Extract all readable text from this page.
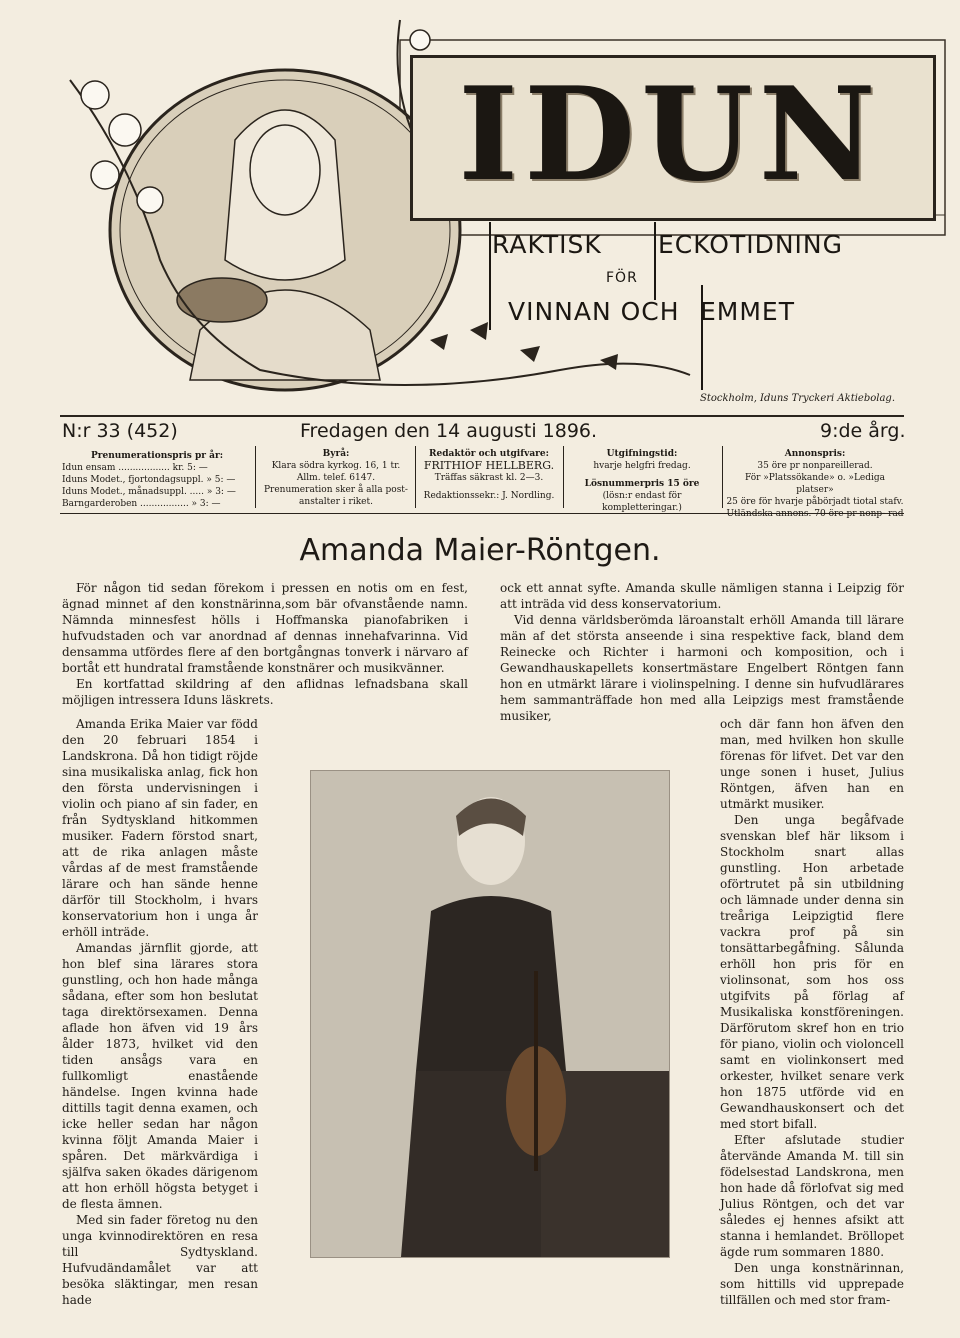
IDUN
RAKTISK ECKOTIDNING
FÖR
VINNAN OCH EMMET
Stockholm, Iduns Tryckeri Aktiebolag.
N:r 33 (452)	Fredagen den 14 augusti 1896.	9:de årg.
Prenumerationspris pr år:
Idun ensam .................. kr. 5: —
Iduns Modet., fjortondagsuppl. » 5: —
Iduns Modet., månadsuppl. ..... » 3: —
Barngarderoben ................. » 3: —
Byrå:
Klara södra kyrkog. 16, 1 tr.
Allm. telef. 6147.
Prenumeration sker å alla post-
anstalter i riket.
Redaktör och utgifvare:
FRITHIOF HELLBERG.
Träffas säkrast kl. 2—3.
Redaktionssekr.: J. Nordling.
Utgifningstid:
hvarje helgfri fredag.
Lösnummerpris 15 öre
(lösn:r endast för kompletteringar.)
Annonspris:
35 öre pr nonpareillerad.
För »Platssökande» o. »Lediga platser»
25 öre för hvarje påbörjadt tiotal stafv.
Utländska annons. 70 öre pr nonp- rad
Amanda Maier-Röntgen.

För någon tid sedan förekom i pressen en notis om en fest, ägnad minnet af den konstnärinna,som bär ofvanstående namn. Nämnda minnesfest hölls i Hoffmanska pianofabriken i hufvudstaden och var anordnad af dennas innehafvarinna. Vid densamma utfördes flere af den bortgångnas tonverk i närvaro af bortåt ett hundratal framstående konstnärer och musikvänner.

En kortfattad skildring af den aflidnas lefnadsbana skall möjligen intressera Iduns läskrets.

ock ett annat syfte. Amanda skulle nämligen stanna i Leipzig för att inträda vid dess konservatorium.

Vid denna världsberömda läroanstalt erhöll Amanda till lärare män af det största anseende i sina respektive fack, bland dem Reinecke och Richter i harmoni och komposition, och i Gewandhauskapellets konsertmästare Engelbert Röntgen fann hon en utmärkt lärare i violinspelning. I denne sin hufvudlärares hem sammanträffade hon med alla Leipzigs mest framstående musiker,

Amanda Erika Maier var född den 20 februari 1854 i Landskrona. Då hon tidigt röjde sina musikaliska anlag, fick hon den första undervisningen i violin och piano af sin fader, en från Sydtyskland hitkommen musiker. Fadern förstod snart, att de rika anlagen måste vårdas af de mest framstående lärare och han sände henne därför till Stockholm, i hvars konservatorium hon i unga år erhöll inträde.

Amandas järnflit gjorde, att hon blef sina lärares stora gunstling, och hon hade många sådana, efter som hon beslutat taga direktörsexamen. Denna aflade hon äfven vid 19 års ålder 1873, hvilket vid den tiden ansågs vara en fullkomligt enastående händelse. Ingen kvinna hade dittills tagit denna examen, och icke heller sedan har någon kvinna följt Amanda Maier i spåren. Det märkvärdiga i själfva saken ökades därigenom att hon erhöll högsta betyget i de flesta ämnen.

Med sin fader företog nu den unga kvinnodirektören en resa till Sydtyskland. Hufvudändamålet var att besöka släktingar, men resan hade

och där fann hon äfven den man, med hvilken hon skulle förenas för lifvet. Det var den unge sonen i huset, Julius Röntgen, äfven han en utmärkt musiker.

Den unga begåfvade svenskan blef här liksom i Stockholm snart allas gunstling. Hon arbetade oförtrutet på sin utbildning och lämnade under denna sin treåriga Leipzigtid flere vackra prof på sin tonsättarbegåfning. Sålunda erhöll hon pris för en violinsonat, som hos oss utgifvits på förlag af Musikaliska konstföreningen. Därförutom skref hon en trio för piano, violin och violoncell samt en violinkonsert med orkester, hvilket senare verk hon 1875 utförde vid en Gewandhauskonsert och det med stort bifall.

Efter afslutade studier återvände Amanda M. till sin födelsestad Landskrona, men hon hade då förlofvat sig med Julius Röntgen, och det var således ej hennes afsikt att stanna i hemlandet. Bröllopet ägde rum sommaren 1880.

Den unga konstnärinnan, som hittills vid upprepade tillfällen och med stor fram-
